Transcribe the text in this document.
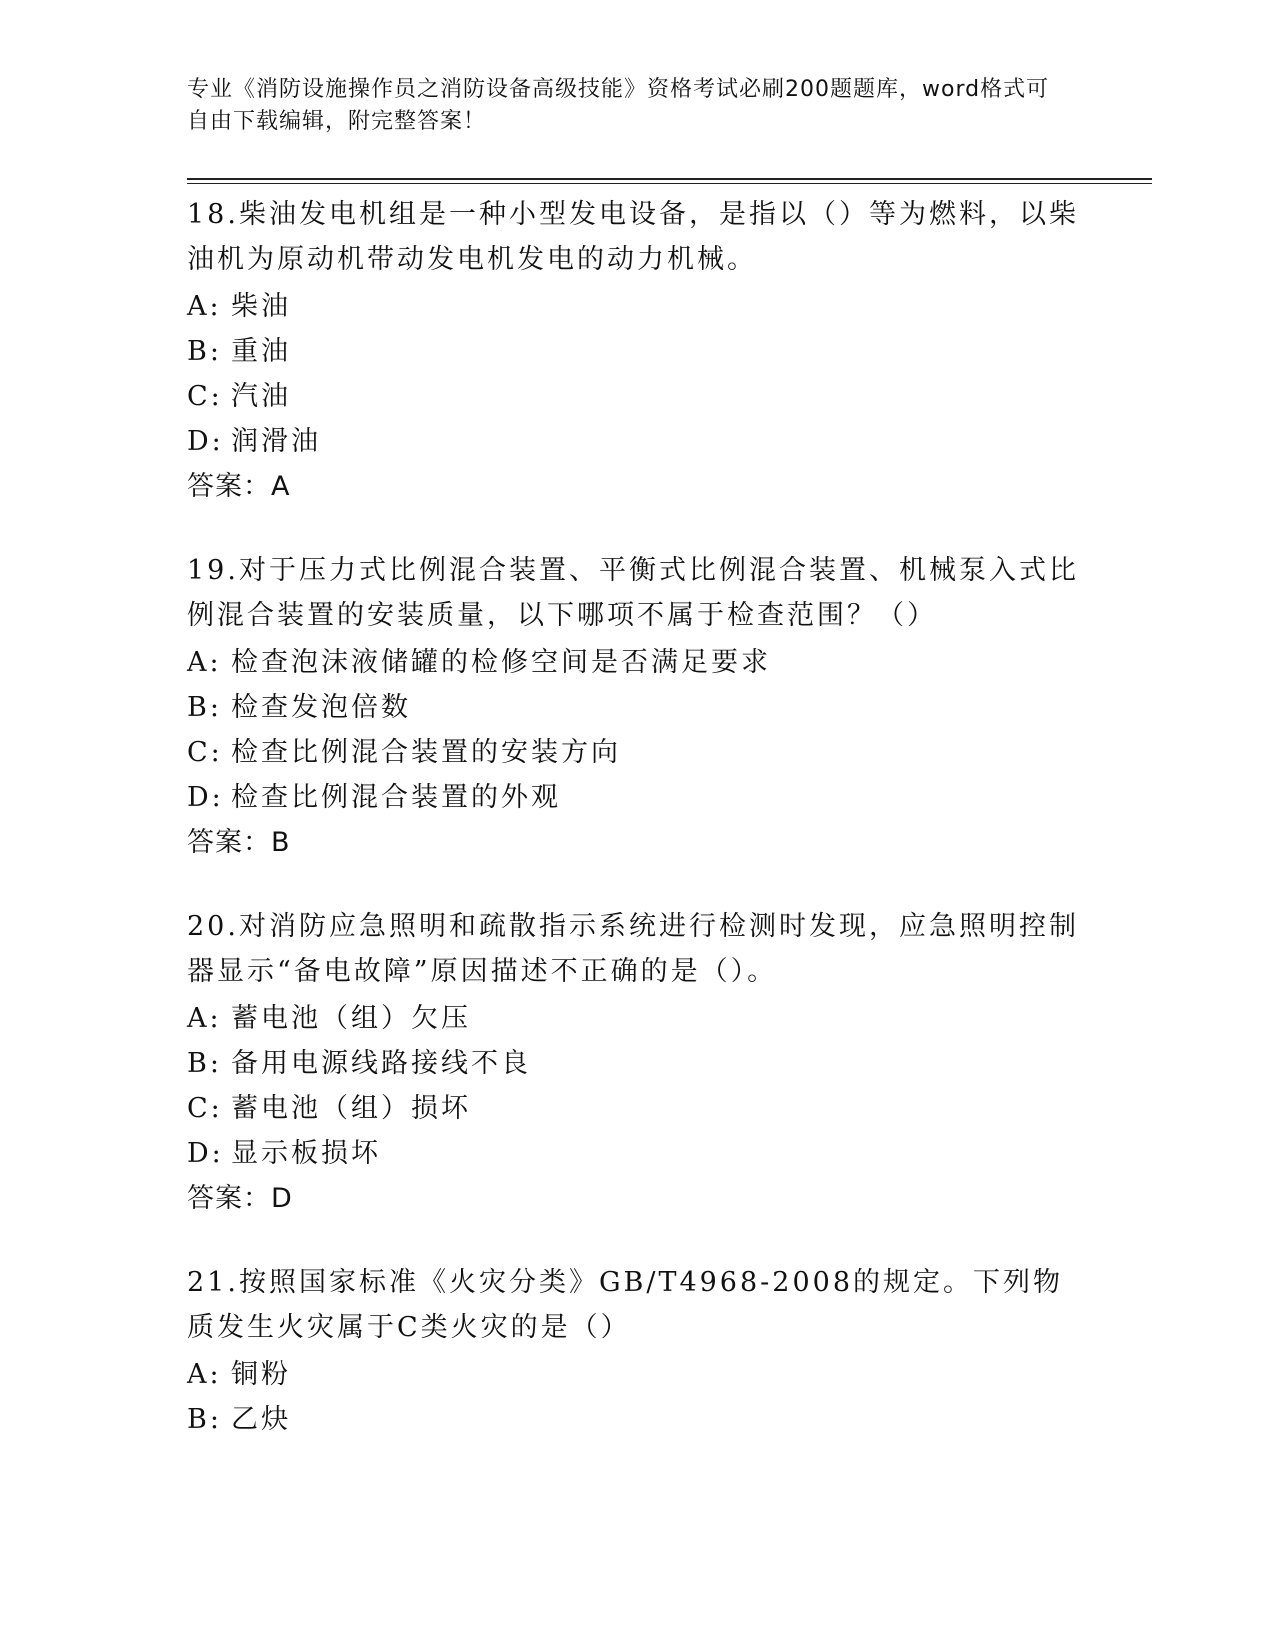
专业《消防设施操作员之消防设备高级技能》资格考试必刷200题题库，word格式可自由下载编辑，附完整答案！
18.柴油发电机组是一种小型发电设备，是指以（）等为燃料，以柴油机为原动机带动发电机发电的动力机械。
A: 柴油
B: 重油
C: 汽油
D: 润滑油
答案：A
19.对于压力式比例混合装置、平衡式比例混合装置、机械泵入式比例混合装置的安装质量，以下哪项不属于检查范围？（）
A: 检查泡沫液储罐的检修空间是否满足要求
B: 检查发泡倍数
C: 检查比例混合装置的安装方向
D: 检查比例混合装置的外观
答案：B
20.对消防应急照明和疏散指示系统进行检测时发现，应急照明控制器显示“备电故障”原因描述不正确的是（）。
A: 蓄电池（组）欠压
B: 备用电源线路接线不良
C: 蓄电池（组）损坏
D: 显示板损坏
答案：D
21.按照国家标准《火灾分类》GB/T4968-2008的规定。下列物质发生火灾属于C类火灾的是（）
A: 铜粉
B: 乙炔
